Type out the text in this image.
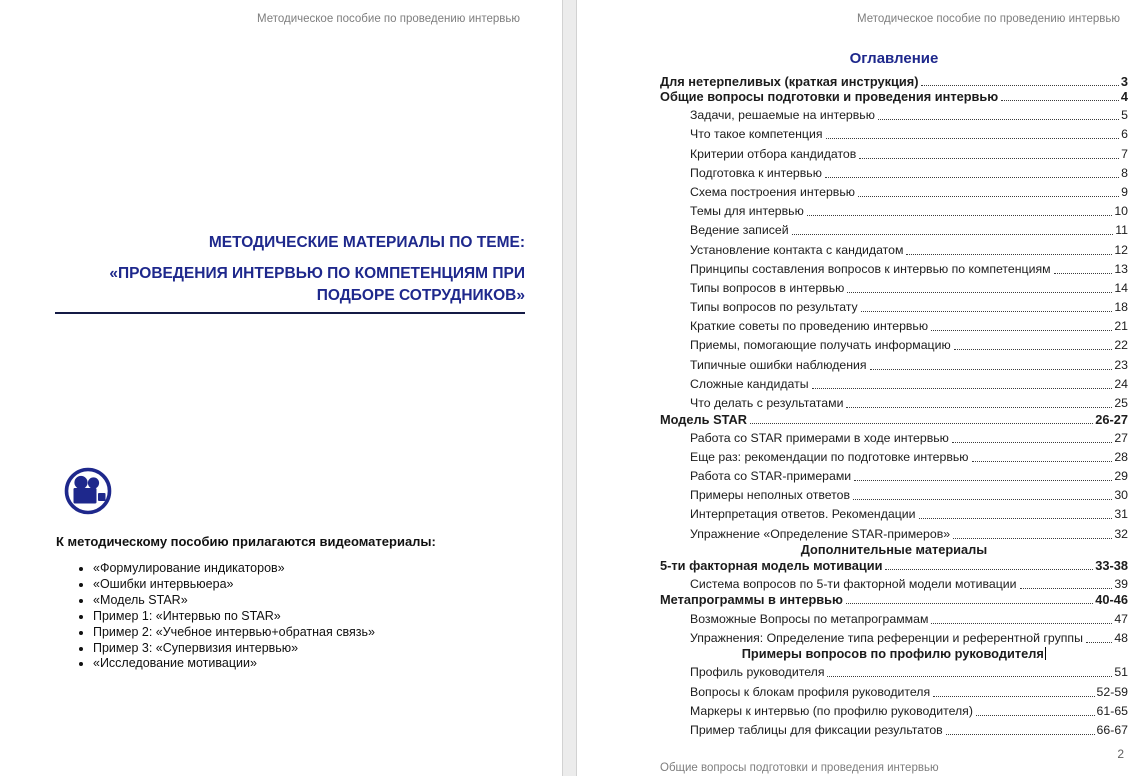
Методическое пособие по проведению интервью
МЕТОДИЧЕСКИЕ МАТЕРИАЛЫ ПО ТЕМЕ:
«ПРОВЕДЕНИЯ ИНТЕРВЬЮ ПО КОМПЕТЕНЦИЯМ ПРИ ПОДБОРЕ СОТРУДНИКОВ»
К методическому пособию прилагаются видеоматериалы:
• «Формулирование индикаторов»
• «Ошибки интервьюера»
• «Модель STAR»
• Пример 1: «Интервью по STAR»
• Пример 2: «Учебное интервью+обратная связь»
• Пример 3: «Супервизия интервью»
• «Исследование мотивации»
Методическое пособие по проведению интервью
Оглавление
Для нетерпеливых (краткая инструкция)	3
Общие вопросы подготовки и проведения интервью	4
Задачи, решаемые на интервью	5
Что такое компетенция	6
Критерии отбора кандидатов	7
Подготовка к интервью	8
Схема построения интервью	9
Темы для интервью	10
Ведение записей	11
Установление контакта с кандидатом	12
Принципы составления вопросов к интервью по компетенциям	13
Типы вопросов в интервью	14
Типы вопросов по результату	18
Краткие советы по проведению интервью	21
Приемы, помогающие получать информацию	22
Типичные ошибки наблюдения	23
Сложные кандидаты	24
Что делать с результатами	25
Модель STAR	26-27
Работа со STAR примерами в ходе интервью	27
Еще раз: рекомендации по подготовке интервью	28
Работа со STAR-примерами	29
Примеры неполных ответов	30
Интерпретация ответов. Рекомендации	31
Упражнение «Определение STAR-примеров»	32
Дополнительные материалы
5-ти факторная модель мотивации	33-38
Система вопросов по 5-ти факторной модели мотивации	39
Метапрограммы в интервью	40-46
Возможные Вопросы по метапрограммам	47
Упражнения: Определение типа референции и референтной группы	48
Примеры вопросов по профилю руководителя
Профиль руководителя	51
Вопросы к блокам профиля руководителя	52-59
Маркеры к интервью (по профилю руководителя)	61-65
Пример таблицы для фиксации результатов	66-67
Общие вопросы подготовки и проведения интервью
2
